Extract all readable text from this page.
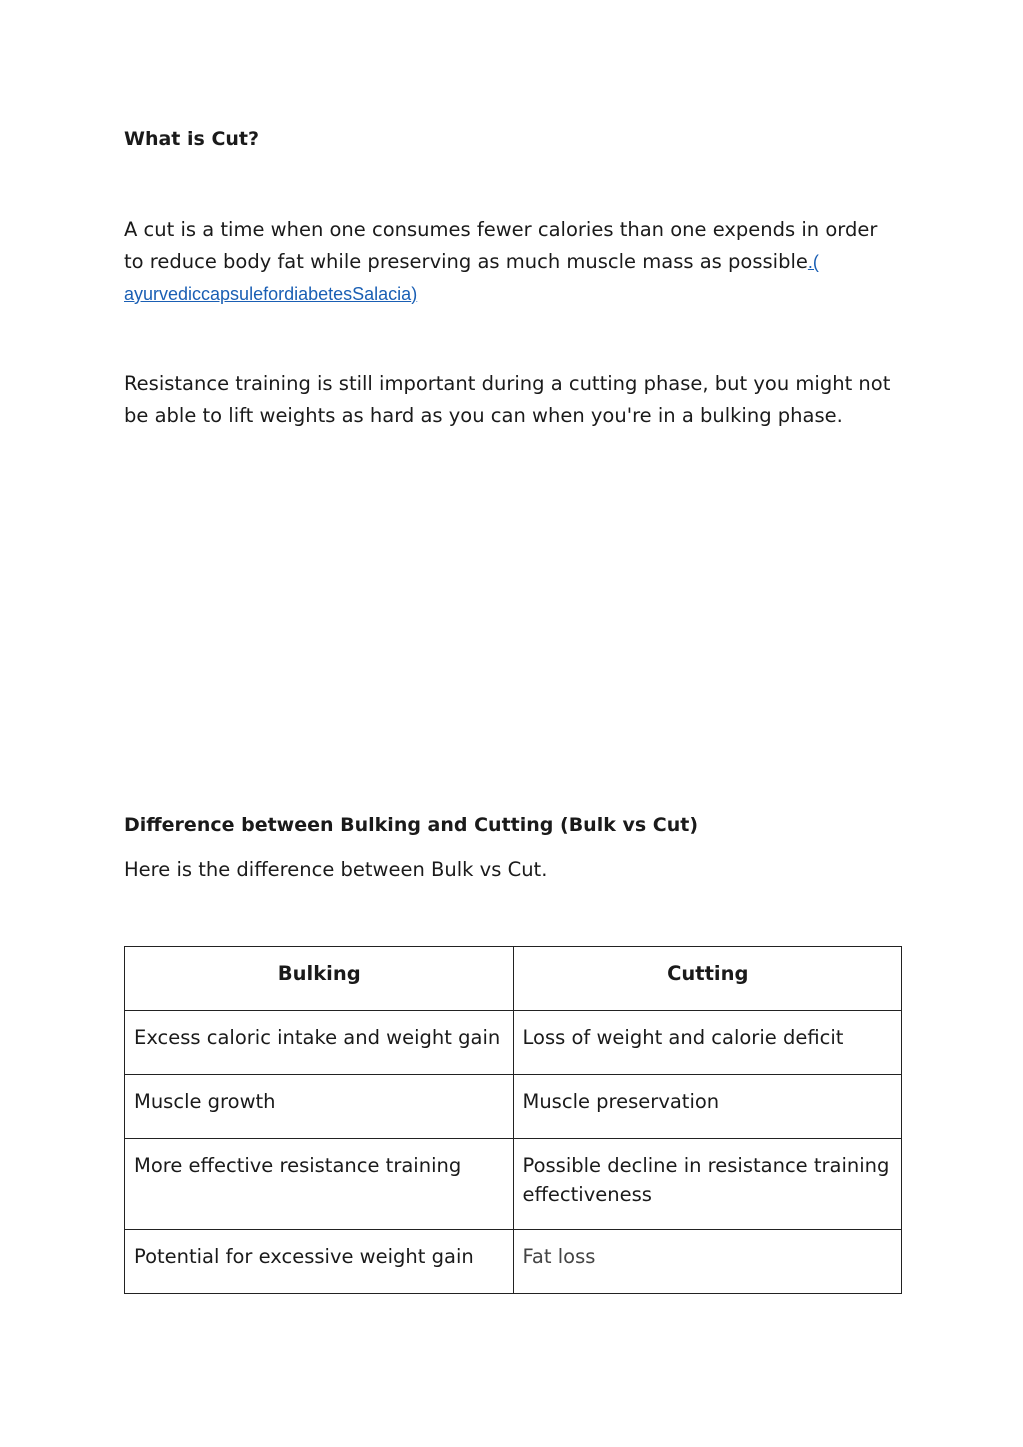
What is Cut?

A cut is a time when one consumes fewer calories than one expends in order to reduce body fat while preserving as much muscle mass as possible.(
ayurvediccapsulefordiabetesSalacia)

Resistance training is still important during a cutting phase, but you might not be able to lift weights as hard as you can when you're in a bulking phase.

Difference between Bulking and Cutting (Bulk vs Cut)

Here is the difference between Bulk vs Cut.

Bulking	Cutting
Excess caloric intake and weight gain	Loss of weight and calorie deficit
Muscle growth	Muscle preservation
More effective resistance training	Possible decline in resistance training effectiveness
Potential for excessive weight gain	Fat loss
